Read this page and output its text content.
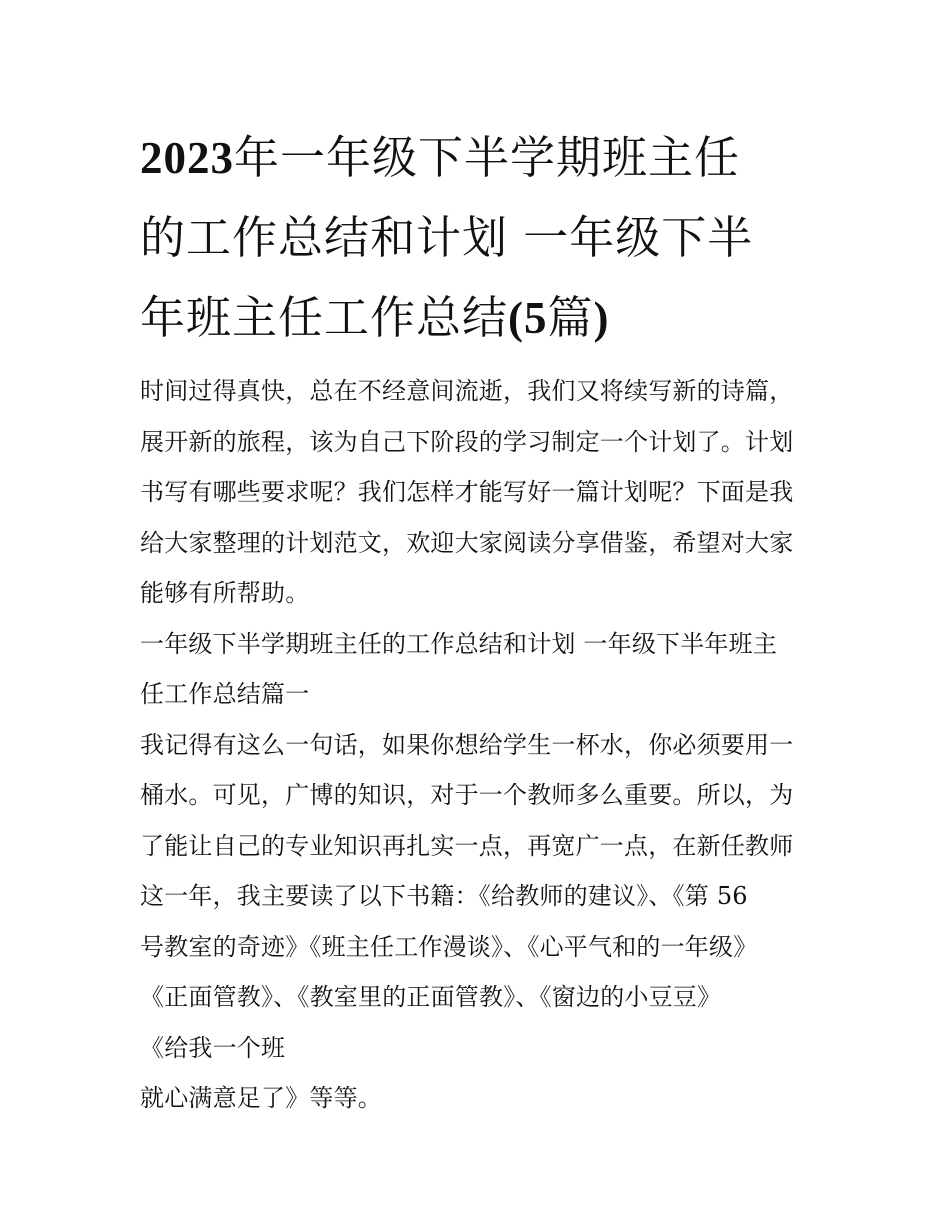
2023年一年级下半学期班主任
的工作总结和计划 一年级下半
年班主任工作总结(5篇)
时间过得真快，总在不经意间流逝，我们又将续写新的诗篇，
展开新的旅程，该为自己下阶段的学习制定一个计划了。计划
书写有哪些要求呢？我们怎样才能写好一篇计划呢？下面是我
给大家整理的计划范文，欢迎大家阅读分享借鉴，希望对大家
能够有所帮助。
一年级下半学期班主任的工作总结和计划 一年级下半年班主
任工作总结篇一
我记得有这么一句话，如果你想给学生一杯水，你必须要用一
桶水。可见，广博的知识，对于一个教师多么重要。所以，为
了能让自己的专业知识再扎实一点，再宽广一点，在新任教师
这一年，我主要读了以下书籍：《给教师的建议》、《第 56
号教室的奇迹》《班主任工作漫谈》、《心平气和的一年级》
《正面管教》、《教室里的正面管教》、《窗边的小豆豆》
《给我一个班
就心满意足了》等等。
